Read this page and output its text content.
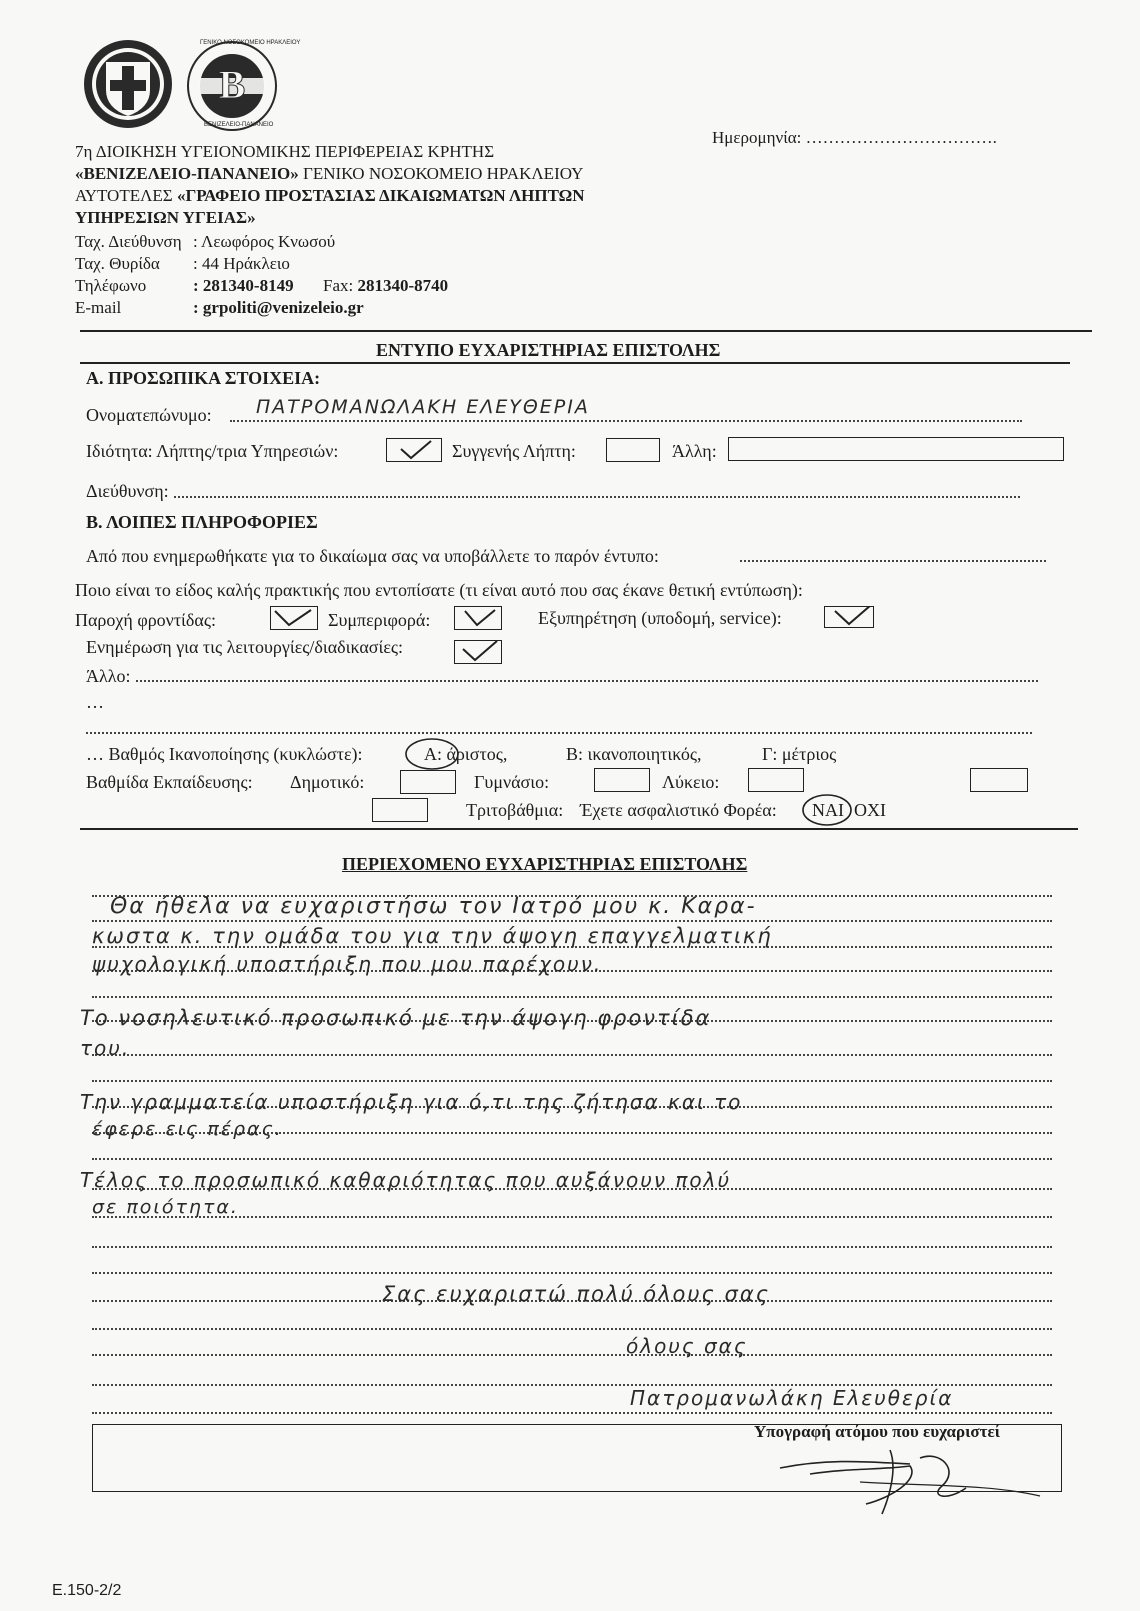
Β
ΓΕΝΙΚΟ ΝΟΣΟΚΟΜΕΙΟ ΗΡΑΚΛΕΙΟΥ
ΒΕΝΙΖΕΛΕΙΟ-ΠΑΝΑΝΕΙΟ
7η ΔΙΟΙΚΗΣΗ ΥΓΕΙΟΝΟΜΙΚΗΣ ΠΕΡΙΦΕΡΕΙΑΣ ΚΡΗΤΗΣ
«ΒΕΝΙΖΕΛΕΙΟ-ΠΑΝΑΝΕΙΟ» ΓΕΝΙΚΟ ΝΟΣΟΚΟΜΕΙΟ ΗΡΑΚΛΕΙΟΥ
ΑΥΤΟΤΕΛΕΣ «ΓΡΑΦΕΙΟ ΠΡΟΣΤΑΣΙΑΣ ΔΙΚΑΙΩΜΑΤΩΝ ΛΗΠΤΩΝ
ΥΠΗΡΕΣΙΩΝ ΥΓΕΙΑΣ»
Ταχ. Διεύθυνση : Λεωφόρος Κνωσού
Ταχ. Θυρίδα : 44 Ηράκλειο
Τηλέφωνο	: 281340-8149 Fax: 281340-8740
E-mail	: grpoliti@venizeleio.gr
Ημερομηνία: …………………………….
ΕΝΤΥΠΟ ΕΥΧΑΡΙΣΤΗΡΙΑΣ ΕΠΙΣΤΟΛΗΣ
Α. ΠΡΟΣΩΠΙΚΑ ΣΤΟΙΧΕΙΑ:
Ονοματεπώνυμο: ΠΑΤΡΟΜΑΝΩΛΑΚΗ ΕΛΕΥΘΕΡΙΑ
Ιδιότητα: Λήπτης/τρια Υπηρεσιών:	Συγγενής Λήπτη:	Άλλη:
Διεύθυνση:
Β. ΛΟΙΠΕΣ ΠΛΗΡΟΦΟΡΙΕΣ
Από που ενημερωθήκατε για το δικαίωμα σας να υποβάλλετε το παρόν έντυπο:
Ποιο είναι το είδος καλής πρακτικής που εντοπίσατε (τι είναι αυτό που σας έκανε θετική εντύπωση):
Παροχή φροντίδας:	Συμπεριφορά:	Εξυπηρέτηση (υποδομή, service):
Ενημέρωση για τις λειτουργίες/διαδικασίες:
Άλλο:
…
… Βαθμός Ικανοποίησης (κυκλώστε):	Α: άριστος,	Β: ικανοποιητικός,	Γ: μέτριος
Βαθμίδα Εκπαίδευσης: Δημοτικό:	Γυμνάσιο:	Λύκειο:
Τριτοβάθμια: Έχετε ασφαλιστικό Φορέα: ΝΑΙ ΟΧΙ
ΠΕΡΙΕΧΟΜΕΝΟ ΕΥΧΑΡΙΣΤΗΡΙΑΣ ΕΠΙΣΤΟΛΗΣ
Θα ήθελα να ευχαριστήσω τον Ιατρό μου κ. Καρα-
κωστα κ. την ομάδα του για την άψογη επαγγελματική
ψυχολογική υποστήριξη που μου παρέχουν.
Το νοσηλευτικό προσωπικό με την άψογη φροντίδα
του.
Την γραμματεία υποστήριξη για ό,τι της ζήτησα και το
έφερε εις πέρας.
Τέλος το προσωπικό καθαριότητας που αυξάνουν πολύ
σε ποιότητα.
Σας ευχαριστώ πολύ όλους σας
όλους σας
Πατρομανωλάκη Ελευθερία
Υπογραφή ατόμου που ευχαριστεί
Ε.150-2/2
